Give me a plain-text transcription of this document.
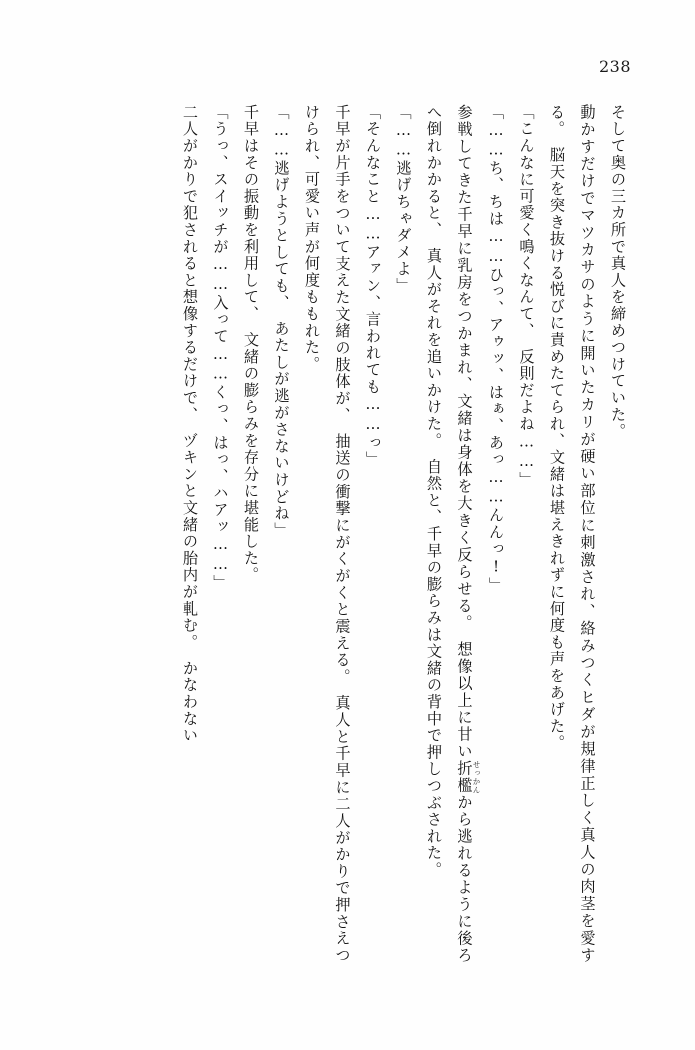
238

そして奥の三カ所で真人を締めつけていた。

動かすだけでマツカサのように開いたカリが硬い部位に刺激され、絡みつくヒダが規律正しく真人の肉茎を愛する。　脳天を突き抜ける悦びに責めたてられ、文緒は堪えきれずに何度も声をあげた。

「こんなに可愛く鳴くなんて、　反則だよね……」

「……ち、ちは……ひっ、アゥッ、はぁ、あっ……んんっ!」

参戦してきた千早に乳房をつかまれ、文緒は身体を大きく反らせる。　想像以上に甘い折檻せっかんから逃れるように後ろへ倒れかかると、　真人がそれを追いかけた。　自然と、千早の膨らみは文緒の背中で押しつぶされた。

「……逃げちゃダメよ」

「そんなこと……アァン、言われても……っ」

千早が片手をついて支えた文緒の肢体が、　抽送の衝撃にがくがくと震える。　真人と千早に二人がかりで押さえつけられ、可愛い声が何度ももれた。

「……逃げようとしても、　あたしが逃がさないけどね」

千早はその振動を利用して、　文緒の膨らみを存分に堪能した。

「うっ、スイッチが……入って……くっ、はっ、ハアッ……」

二人がかりで犯されると想像するだけで、　ヅキンと文緒の胎内が軋む。　かなわない
